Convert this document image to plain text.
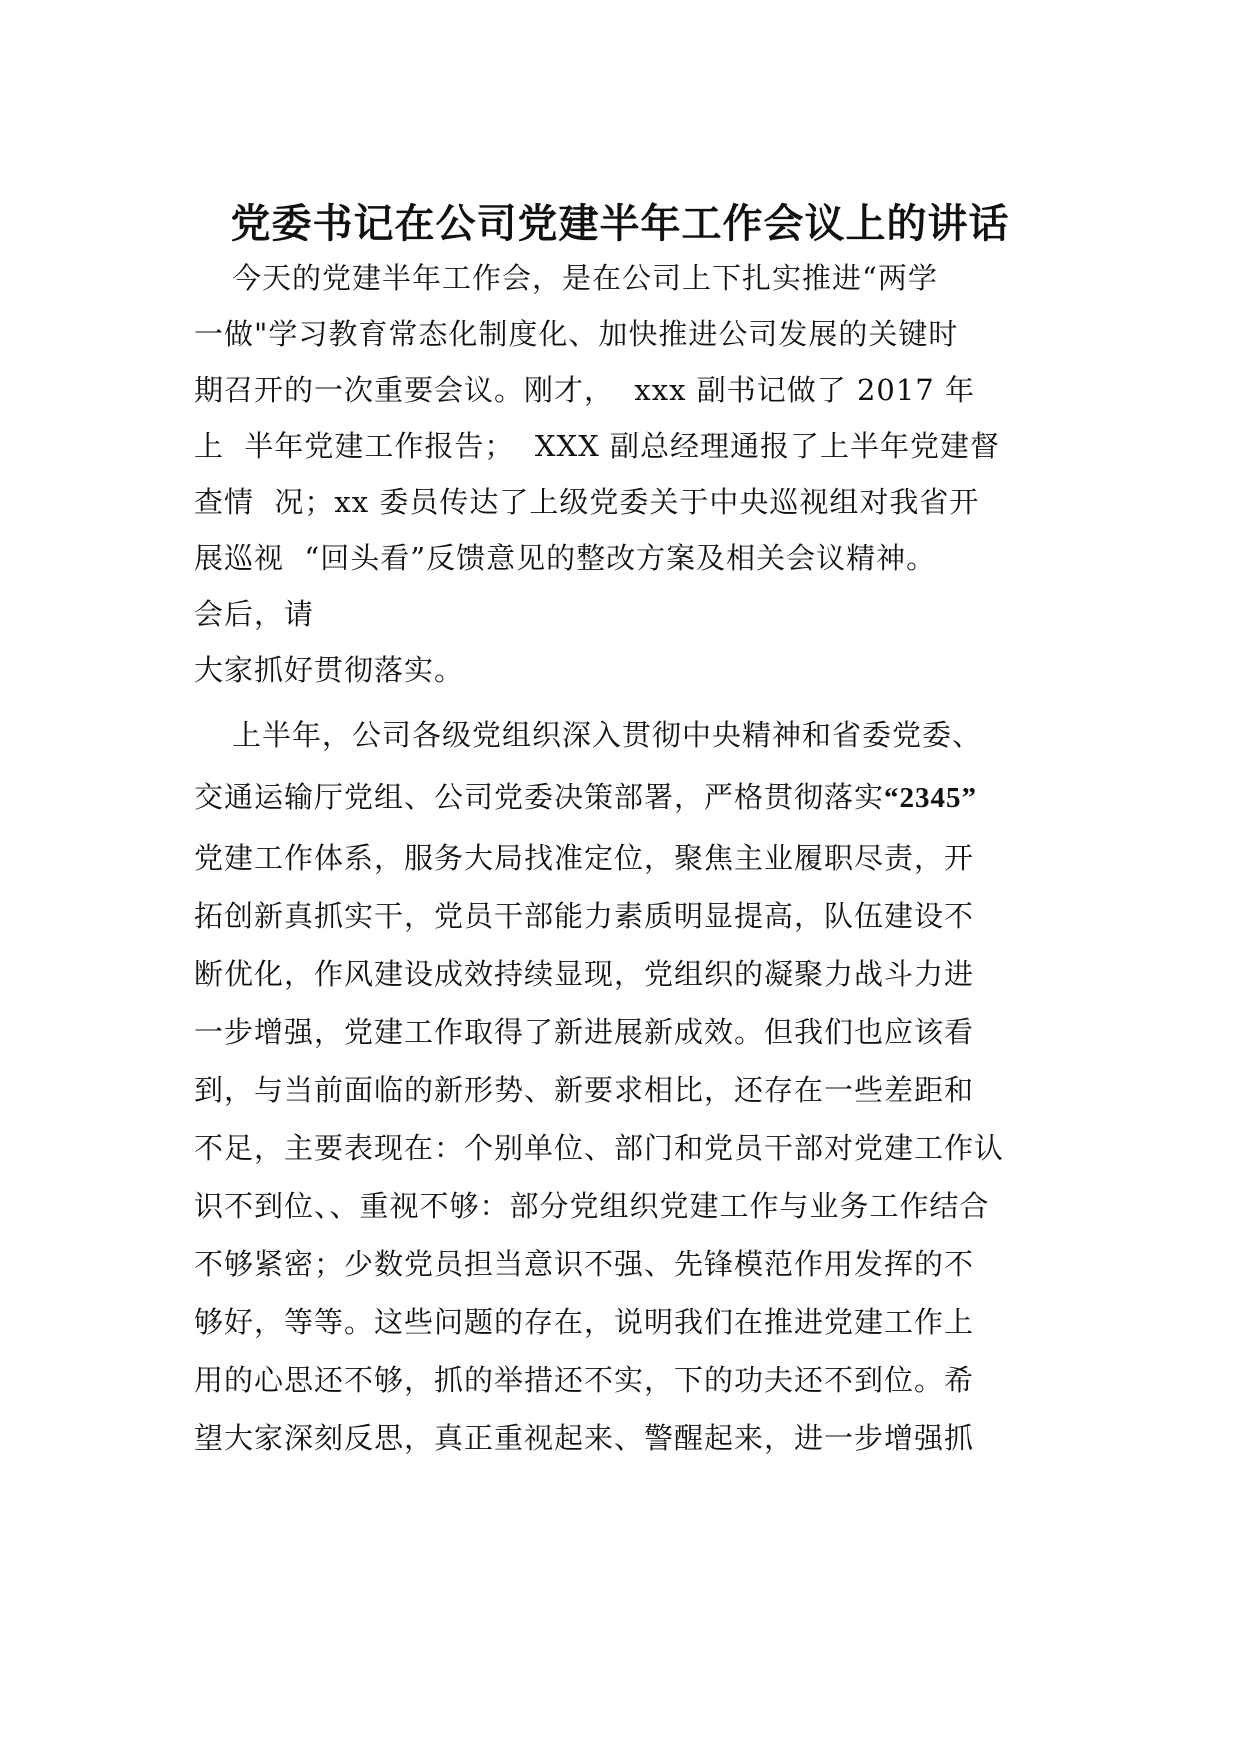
党委书记在公司党建半年工作会议上的讲话

今天的党建半年工作会，是在公司上下扎实推进“两学

一做"学习教育常态化制度化、加快推进公司发展的关键时

期召开的一次重要会议。刚才，  xxx 副书记做了 2017 年

上  半年党建工作报告；  XXX 副总经理通报了上半年党建督

查情  况；xx 委员传达了上级党委关于中央巡视组对我省开

展巡视  “回头看”反馈意见的整改方案及相关会议精神。

会后，请

大家抓好贯彻落实。

上半年，公司各级党组织深入贯彻中央精神和省委党委、

交通运输厅党组、公司党委决策部署，严格贯彻落实“2345”

党建工作体系，服务大局找准定位，聚焦主业履职尽责，开

拓创新真抓实干，党员干部能力素质明显提高，队伍建设不

断优化，作风建设成效持续显现，党组织的凝聚力战斗力进

一步增强，党建工作取得了新进展新成效。但我们也应该看

到，与当前面临的新形势、新要求相比，还存在一些差距和

不足，主要表现在：个别单位、部门和党员干部对党建工作认

识不到位、、重视不够：部分党组织党建工作与业务工作结合

不够紧密；少数党员担当意识不强、先锋模范作用发挥的不

够好，等等。这些问题的存在，说明我们在推进党建工作上

用的心思还不够，抓的举措还不实，下的功夫还不到位。希

望大家深刻反思，真正重视起来、警醒起来，进一步增强抓
